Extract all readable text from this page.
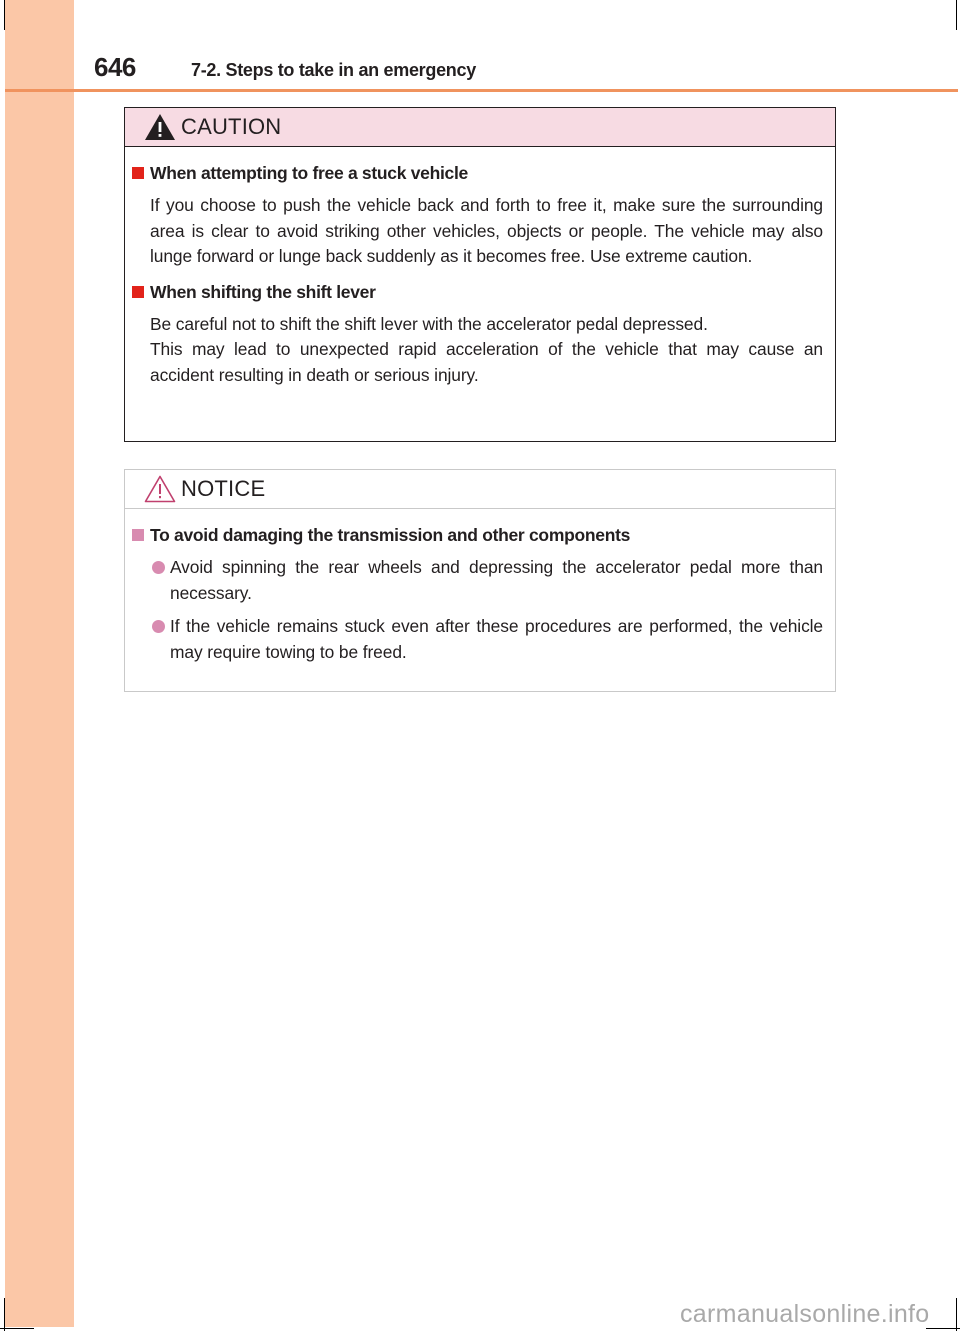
646	7-2. Steps to take in an emergency
CAUTION
When attempting to free a stuck vehicle
If you choose to push the vehicle back and forth to free it, make sure the surrounding area is clear to avoid striking other vehicles, objects or people. The vehicle may also lunge forward or lunge back suddenly as it becomes free. Use extreme caution.
When shifting the shift lever
Be careful not to shift the shift lever with the accelerator pedal depressed.
This may lead to unexpected rapid acceleration of the vehicle that may cause an accident resulting in death or serious injury.
NOTICE
To avoid damaging the transmission and other components
Avoid spinning the rear wheels and depressing the accelerator pedal more than necessary.
If the vehicle remains stuck even after these procedures are performed, the vehicle may require towing to be freed.
carmanualsonline.info
